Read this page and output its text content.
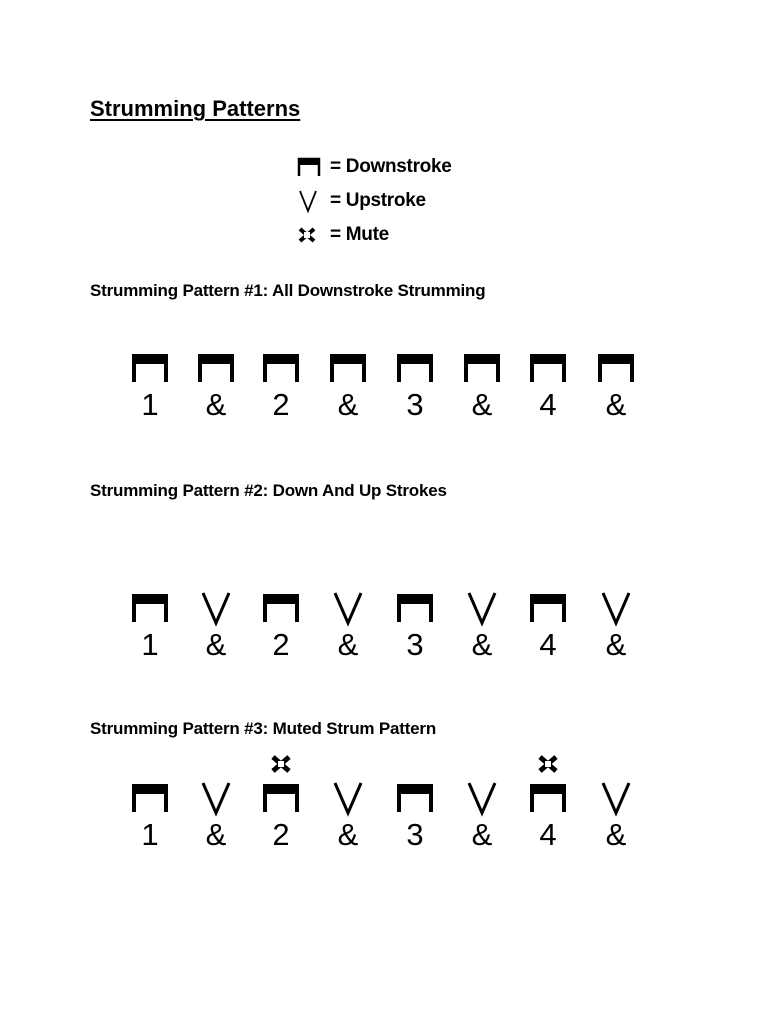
Strumming Patterns
= Downstroke
= Upstroke
= Mute
Strumming Pattern #1: All Downstroke Strumming
1	&	2	&	3	&	4	&
Strumming Pattern #2: Down And Up Strokes
1	&	2	&	3	&	4	&
Strumming Pattern #3: Muted Strum Pattern
1	&	2	&	3	&	4	&
